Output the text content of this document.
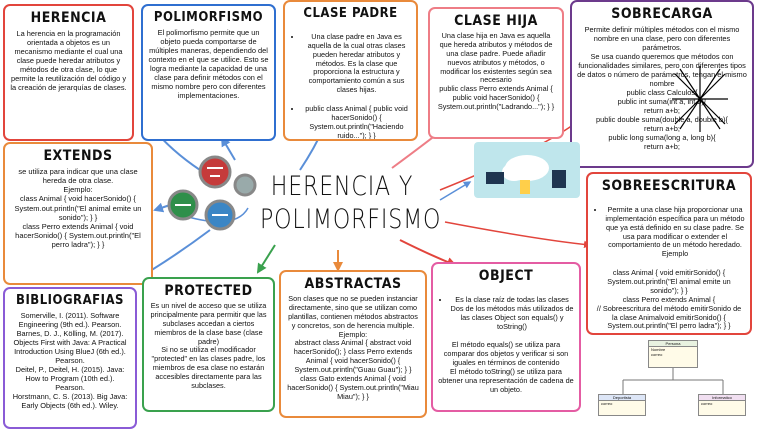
HERENCIA
La herencia en la programación orientada a objetos es un mecanismo mediante el cual una clase puede heredar atributos y métodos de otra clase, lo que permite la reutilización del código y la creación de jerarquías de clases.
POLIMORFISMO
El polimorfismo permite que un objeto pueda comportarse de múltiples maneras, dependiendo del contexto en el que se utilice. Esto se logra mediante la capacidad de una clase para definir métodos con el mismo nombre pero con diferentes implementaciones.
CLASE PADRE

• Una clase padre en Java es aquella de la cual otras clases pueden heredar atributos y métodos. Es la clase que proporciona la estructura y comportamiento común a sus clases hijas.

• public class Animal { public void hacerSonido() { System.out.println("Haciendo ruido..."); } }

CLASE HIJA
Una clase hija en Java es aquella que hereda atributos y métodos de una clase padre. Puede añadir nuevos atributos y métodos, o modificar los existentes según sea necesario
public class Perro extends Animal { public void hacerSonido() { System.out.println("Ladrando..."); } }
SOBRECARGA
Permite definir múltiples métodos con el mismo nombre en una clase, pero con diferentes parámetros.
Se usa cuando queremos que métodos con funcionalidades similares, pero con diferentes tipos de datos o número de parámetros, tengan el mismo nombre
public class Calculos{
public int suma(int a, int b){
return a+b;
public double suma(double a, double b){
return a+b;
public long suma(long a, long b){
return a+b;
EXTENDS
se utiliza para indicar que una clase hereda de otra clase.
Ejemplo:
class Animal { void hacerSonido() { System.out.println("El animal emite un sonido"); } }
class Perro extends Animal { void hacerSonido() { System.out.println("El perro ladra"); } }
HERENCIA Y
POLIMORFISMO
SOBREESCRITURA

• Permite a una clase hija proporcionar una implementación específica para un método que ya está definido en su clase padre. Se usa para modificar o extender el comportamiento de un método heredado. Ejemplo

class Animal { void emitirSonido() { System.out.println("El animal emite un sonido"); } }
class Perro extends Animal {
// Sobreescritura del método emitirSonido de la clase Animalvoid emitirSonido() { System.out.println("El perro ladra"); } }
BIBLIOGRAFIAS
Somerville, I. (2011). Software Engineering (9th ed.). Pearson.
Barnes, D. J., Kölling, M. (2017). Objects First with Java: A Practical Introduction Using BlueJ (6th ed.). Pearson.
Deitel, P., Deitel, H. (2015). Java: How to Program (10th ed.). Pearson.
Horstmann, C. S. (2013). Big Java: Early Objects (6th ed.). Wiley.
PROTECTED
Es un nivel de acceso que se utiliza principalmente para permitir que las subclases accedan a ciertos miembros de la clase base (clase padre)
Si no se utiliza el modificador "protected" en las clases padre, los miembros de esa clase no estarán accesibles directamente para las subclases.
ABSTRACTAS
Son clases que no se pueden instanciar directamente, sino que se utilizan como plantillas, contienen métodos abstractos y concretos, son de herencia multiple.
Ejemplo:
abstract class Animal { abstract void hacerSonido(); } class Perro extends Animal { void hacerSonido() { System.out.println("Guau Guau"); } } class Gato extends Animal { void hacerSonido() { System.out.println("Miau Miau"); } }
OBJECT

• Es la clase raíz de todas las clases Dos de los métodos más utilizados de las clases Object son equals() y toString()

El método equals() se utiliza para comparar dos objetos y verificar si son iguales en términos de contenido
El método toString() se utiliza para obtener una representación de cadena de un objeto.
Persona
Nombre
correo
Deportista
correo
Informatico
correo
